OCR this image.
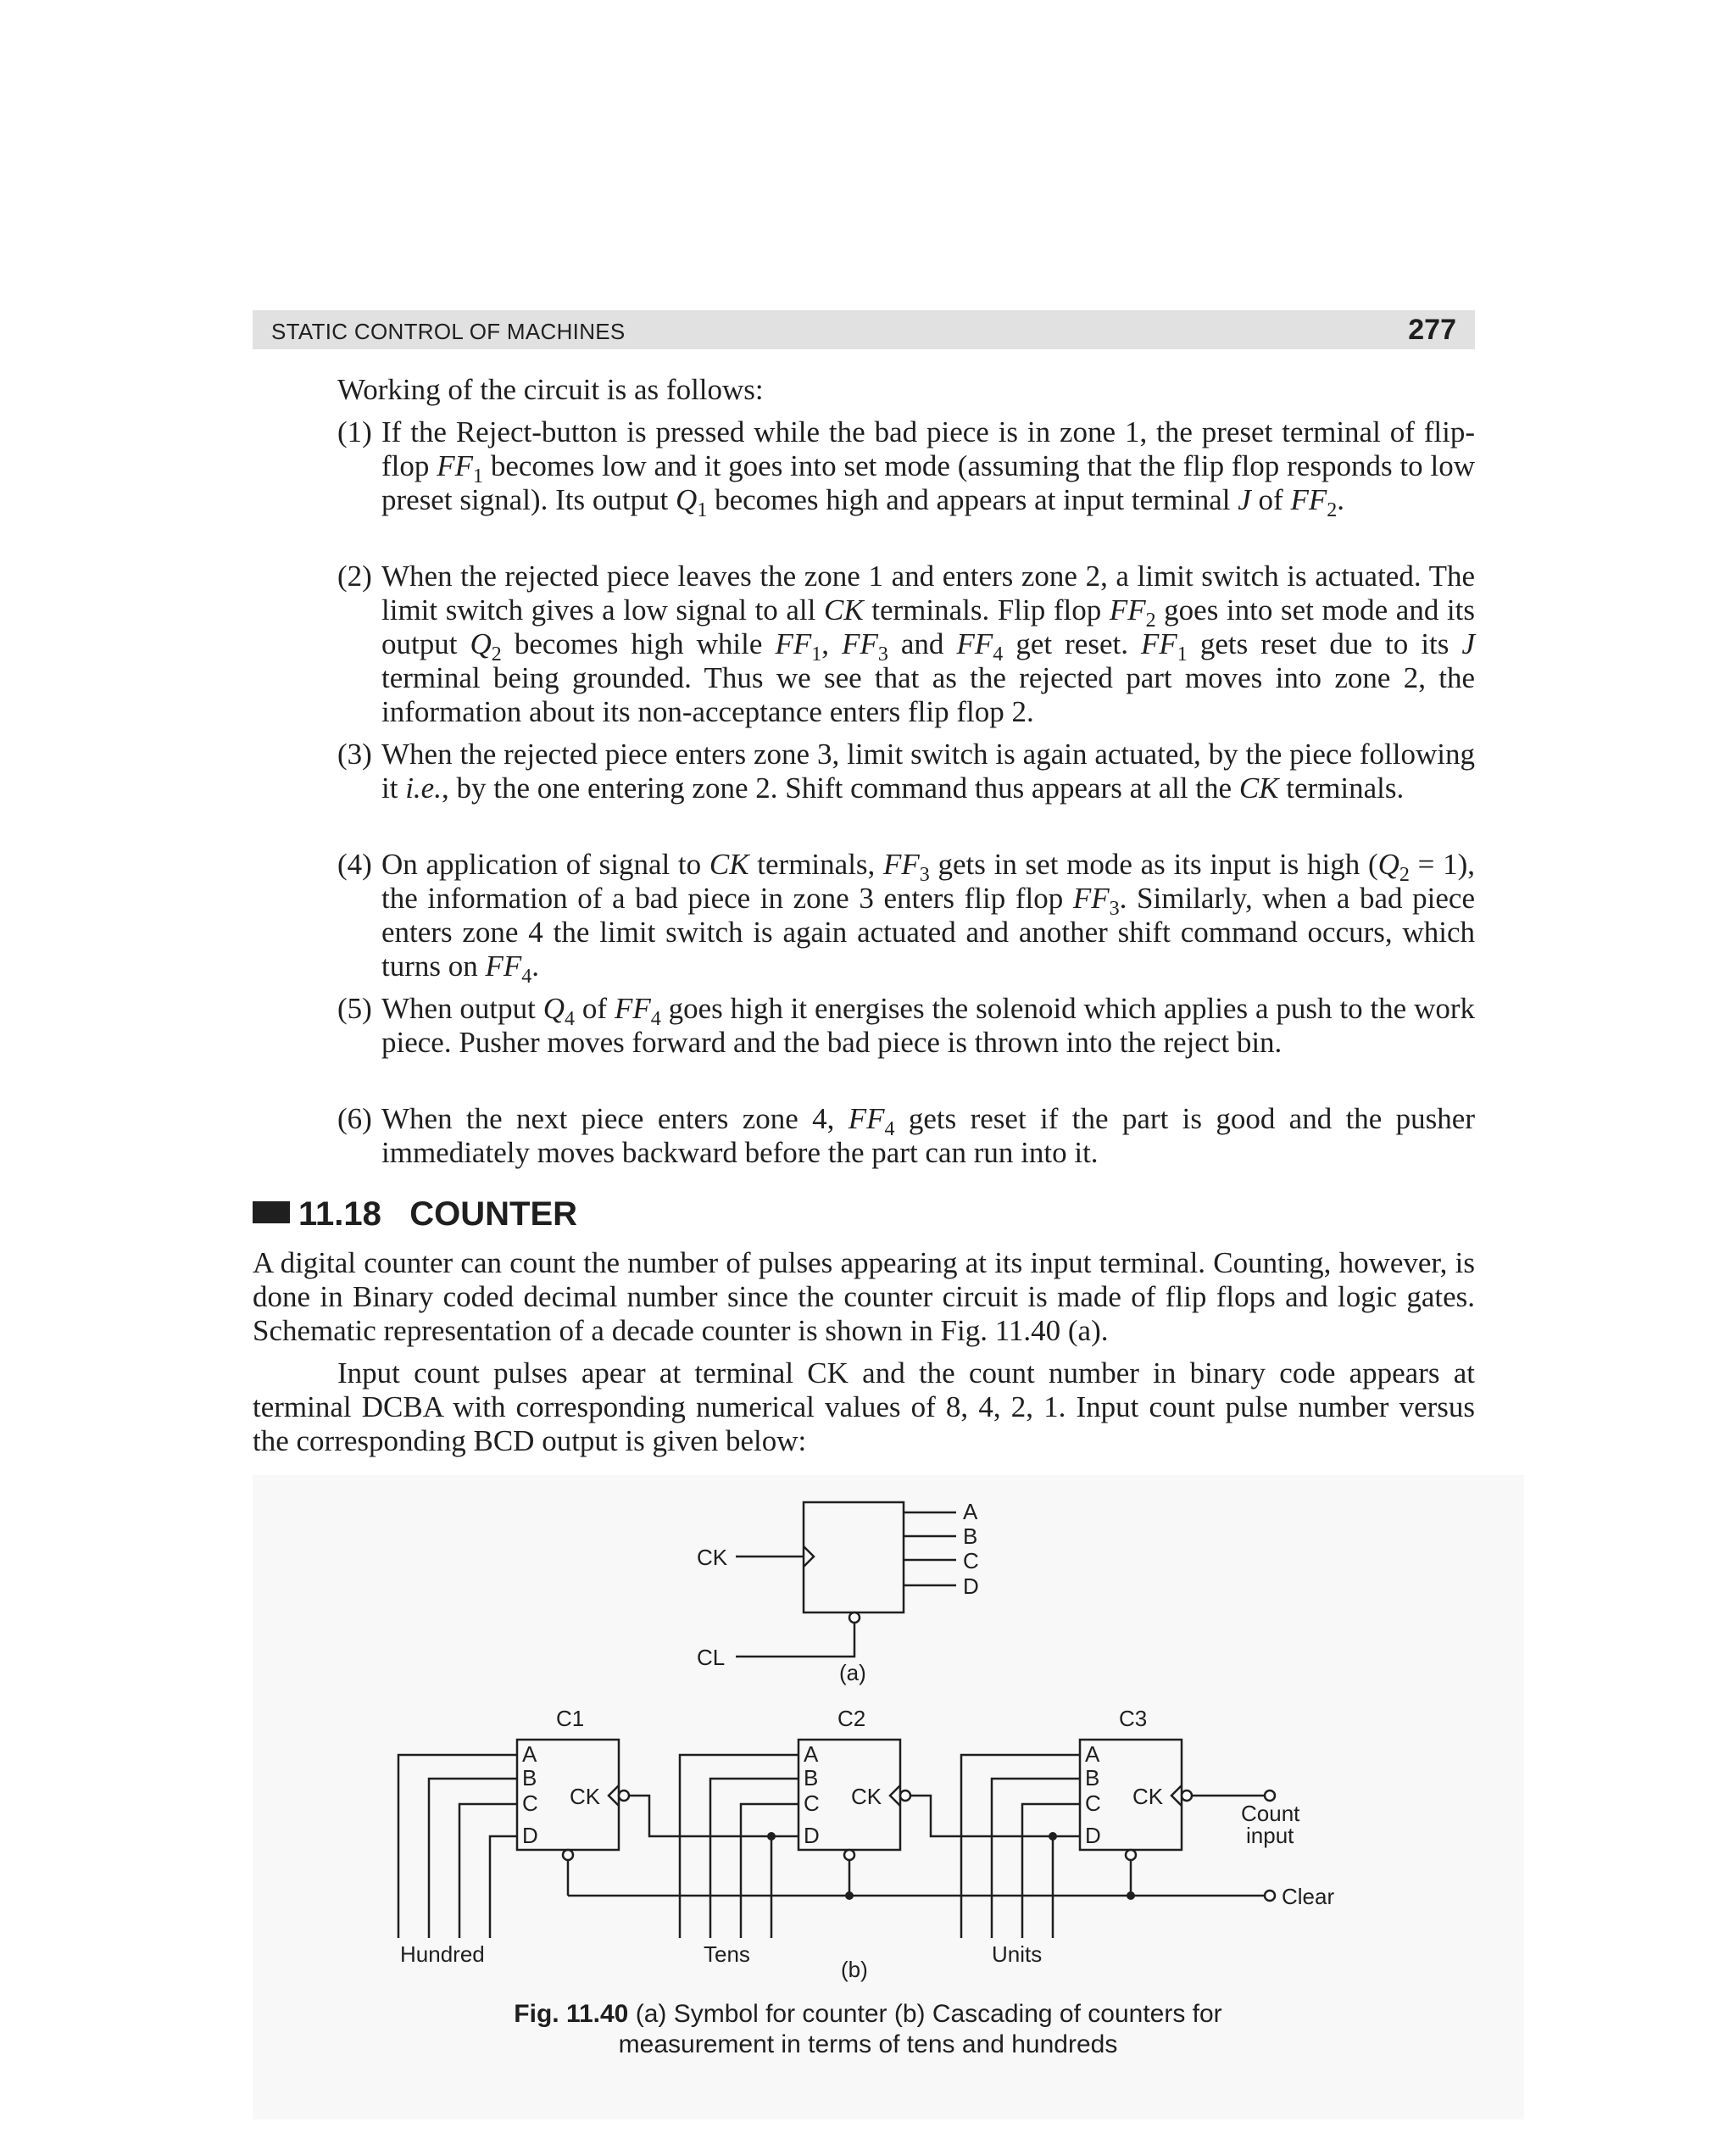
STATIC CONTROL OF MACHINES	277
Working of the circuit is as follows:
(1) If the Reject-button is pressed while the bad piece is in zone 1, the preset terminal of flip-flop $FF_1$ becomes low and it goes into set mode (assuming that the flip flop responds to low preset signal). Its output $Q_1$ becomes high and appears at input terminal J of $FF_2$.

(2) When the rejected piece leaves the zone 1 and enters zone 2, a limit switch is actuated. The limit switch gives a low signal to all CK terminals. Flip flop $FF_2$ goes into set mode and its output $Q_2$ becomes high while $FF_1$, $FF_3$ and $FF_4$ get reset. $FF_1$ gets reset due to its J terminal being grounded. Thus we see that as the rejected part moves into zone 2, the information about its non-acceptance enters flip flop 2.

(3) When the rejected piece enters zone 3, limit switch is again actuated, by the piece following it i.e., by the one entering zone 2. Shift command thus appears at all the CK terminals.

(4) On application of signal to CK terminals, $FF_3$ gets in set mode as its input is high $(Q_2 = 1)$, the information of a bad piece in zone 3 enters flip flop $FF_3$. Similarly, when a bad piece enters zone 4 the limit switch is again actuated and another shift command occurs, which turns on $FF_4$.

(5) When output $Q_4$ of $FF_4$ goes high it energises the solenoid which applies a push to the work piece. Pusher moves forward and the bad piece is thrown into the reject bin.

(6) When the next piece enters zone 4, $FF_4$ gets reset if the part is good and the pusher immediately moves backward before the part can run into it.

11.18 COUNTER

A digital counter can count the number of pulses appearing at its input terminal. Counting, however, is done in Binary coded decimal number since the counter circuit is made of flip flops and logic gates. Schematic representation of a decade counter is shown in Fig. 11.40 (a).

Input count pulses apear at terminal CK and the count number in binary code appears at terminal DCBA with corresponding numerical values of 8, 4, 2, 1. Input count pulse number versus the corresponding BCD output is given below:

CK
CL
A
B
C
D
(a)
C1	C2	C3
A
B
C
D
CK
A
B
C
D
CK
A
B
C
D
CK
Count
input
Clear
Hundred	Tens	Units
(b)
Fig. 11.40 (a) Symbol for counter (b) Cascading of counters for
measurement in terms of tens and hundreds
